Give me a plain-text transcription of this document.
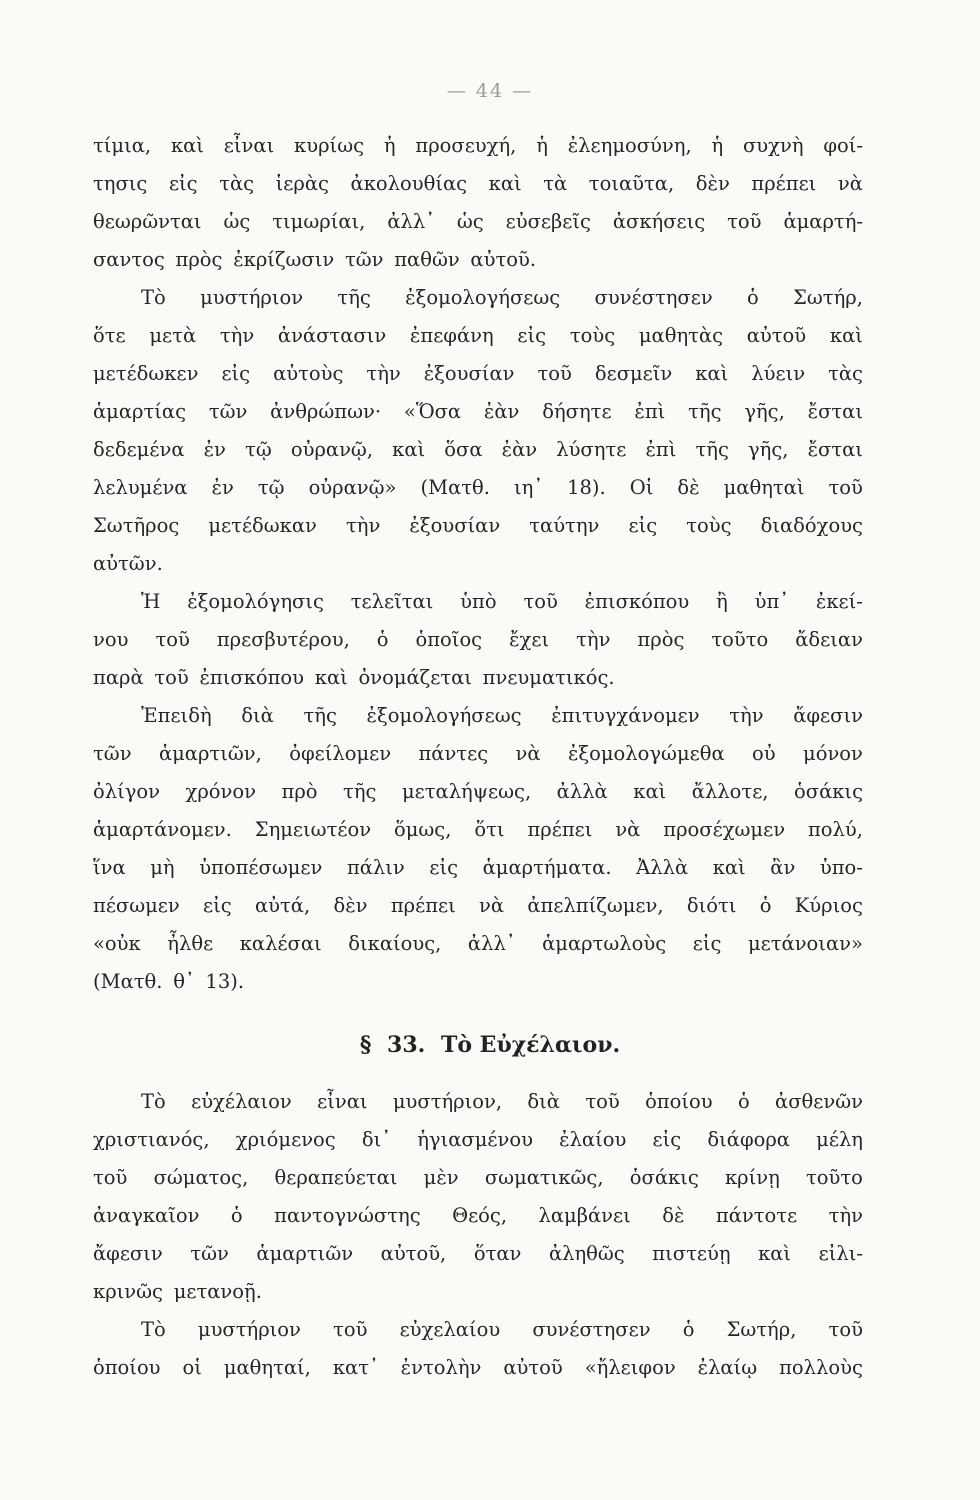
— 44 —
τίμια, καὶ εἶναι κυρίως ἡ προσευχή, ἡ ἐλεημοσύνη, ἡ συχνὴ φοί-
τησις εἰς τὰς ἱερὰς ἀκολουθίας καὶ τὰ τοιαῦτα, δὲν πρέπει νὰ
θεωρῶνται ὡς τιμωρίαι, ἀλλ᾽ ὡς εὐσεβεῖς ἀσκήσεις τοῦ ἁμαρτή-
σαντος πρὸς ἐκρίζωσιν τῶν παθῶν αὐτοῦ.
Τὸ μυστήριον τῆς ἐξομολογήσεως συνέστησεν ὁ Σωτήρ,
ὅτε μετὰ τὴν ἀνάστασιν ἐπεφάνη εἰς τοὺς μαθητὰς αὐτοῦ καὶ
μετέδωκεν εἰς αὐτοὺς τὴν ἐξουσίαν τοῦ δεσμεῖν καὶ λύειν τὰς
ἁμαρτίας τῶν ἀνθρώπων· «Ὅσα ἐὰν δήσητε ἐπὶ τῆς γῆς, ἔσται
δεδεμένα ἐν τῷ οὐρανῷ, καὶ ὅσα ἐὰν λύσητε ἐπὶ τῆς γῆς, ἔσται
λελυμένα ἐν τῷ οὐρανῷ» (Ματθ. ιη᾽ 18). Οἱ δὲ μαθηταὶ τοῦ
Σωτῆρος μετέδωκαν τὴν ἐξουσίαν ταύτην εἰς τοὺς διαδόχους
αὐτῶν.
Ἡ ἐξομολόγησις τελεῖται ὑπὸ τοῦ ἐπισκόπου ἢ ὑπ᾽ ἐκεί-
νου τοῦ πρεσβυτέρου, ὁ ὁποῖος ἔχει τὴν πρὸς τοῦτο ἄδειαν
παρὰ τοῦ ἐπισκόπου καὶ ὀνομάζεται πνευματικός.
Ἐπειδὴ διὰ τῆς ἐξομολογήσεως ἐπιτυγχάνομεν τὴν ἄφεσιν
τῶν ἁμαρτιῶν, ὀφείλομεν πάντες νὰ ἐξομολογώμεθα οὐ μόνον
ὀλίγον χρόνον πρὸ τῆς μεταλήψεως, ἀλλὰ καὶ ἄλλοτε, ὁσάκις
ἁμαρτάνομεν. Σημειωτέον ὅμως, ὅτι πρέπει νὰ προσέχωμεν πολύ,
ἵνα μὴ ὑποπέσωμεν πάλιν εἰς ἁμαρτήματα. Ἀλλὰ καὶ ἂν ὑπο-
πέσωμεν εἰς αὐτά, δὲν πρέπει νὰ ἀπελπίζωμεν, διότι ὁ Κύριος
«οὐκ ἦλθε καλέσαι δικαίους, ἀλλ᾽ ἁμαρτωλοὺς εἰς μετάνοιαν»
(Ματθ. θ᾽ 13).
§ 33. Τὸ Εὐχέλαιον.
Τὸ εὐχέλαιον εἶναι μυστήριον, διὰ τοῦ ὁποίου ὁ ἀσθενῶν
χριστιανός, χριόμενος δι᾽ ἡγιασμένου ἐλαίου εἰς διάφορα μέλη
τοῦ σώματος, θεραπεύεται μὲν σωματικῶς, ὁσάκις κρίνῃ τοῦτο
ἀναγκαῖον ὁ παντογνώστης Θεός, λαμβάνει δὲ πάντοτε τὴν
ἄφεσιν τῶν ἁμαρτιῶν αὐτοῦ, ὅταν ἀληθῶς πιστεύῃ καὶ εἰλι-
κρινῶς μετανοῇ.
Τὸ μυστήριον τοῦ εὐχελαίου συνέστησεν ὁ Σωτήρ, τοῦ
ὁποίου οἱ μαθηταί, κατ᾽ ἐντολὴν αὐτοῦ «ἤλειφον ἐλαίῳ πολλοὺς
